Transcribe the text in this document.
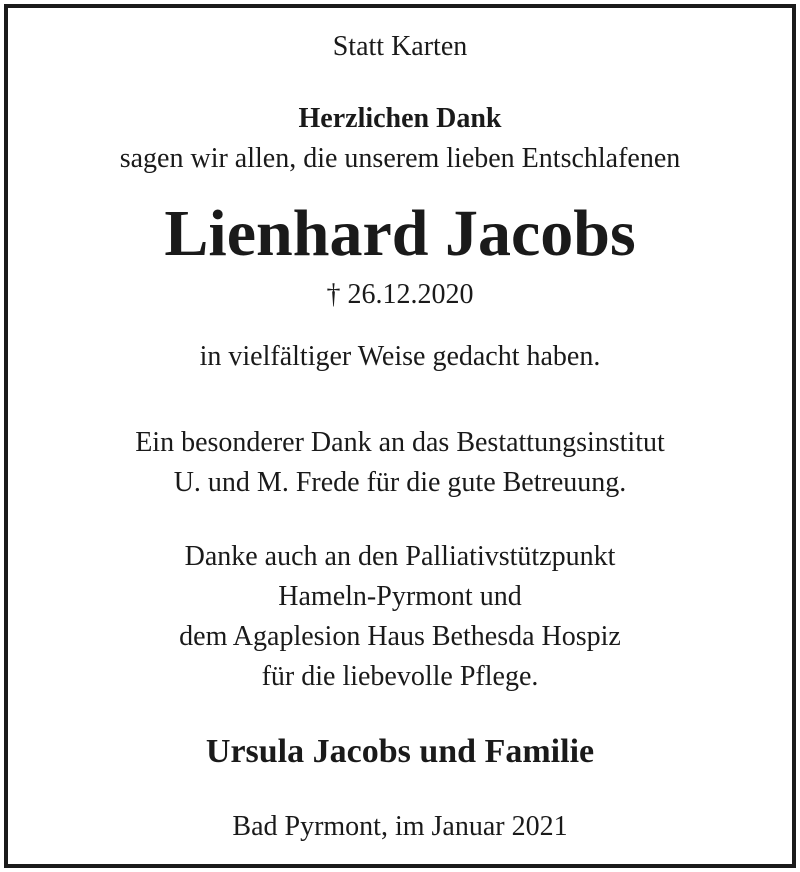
Statt Karten
Herzlichen Dank
sagen wir allen, die unserem lieben Entschlafenen
Lienhard Jacobs
† 26.12.2020
in vielfältiger Weise gedacht haben.
Ein besonderer Dank an das Bestattungsinstitut
U. und M. Frede für die gute Betreuung.
Danke auch an den Palliativstützpunkt
Hameln-Pyrmont und
dem Agaplesion Haus Bethesda Hospiz
für die liebevolle Pflege.
Ursula Jacobs und Familie
Bad Pyrmont, im Januar 2021
